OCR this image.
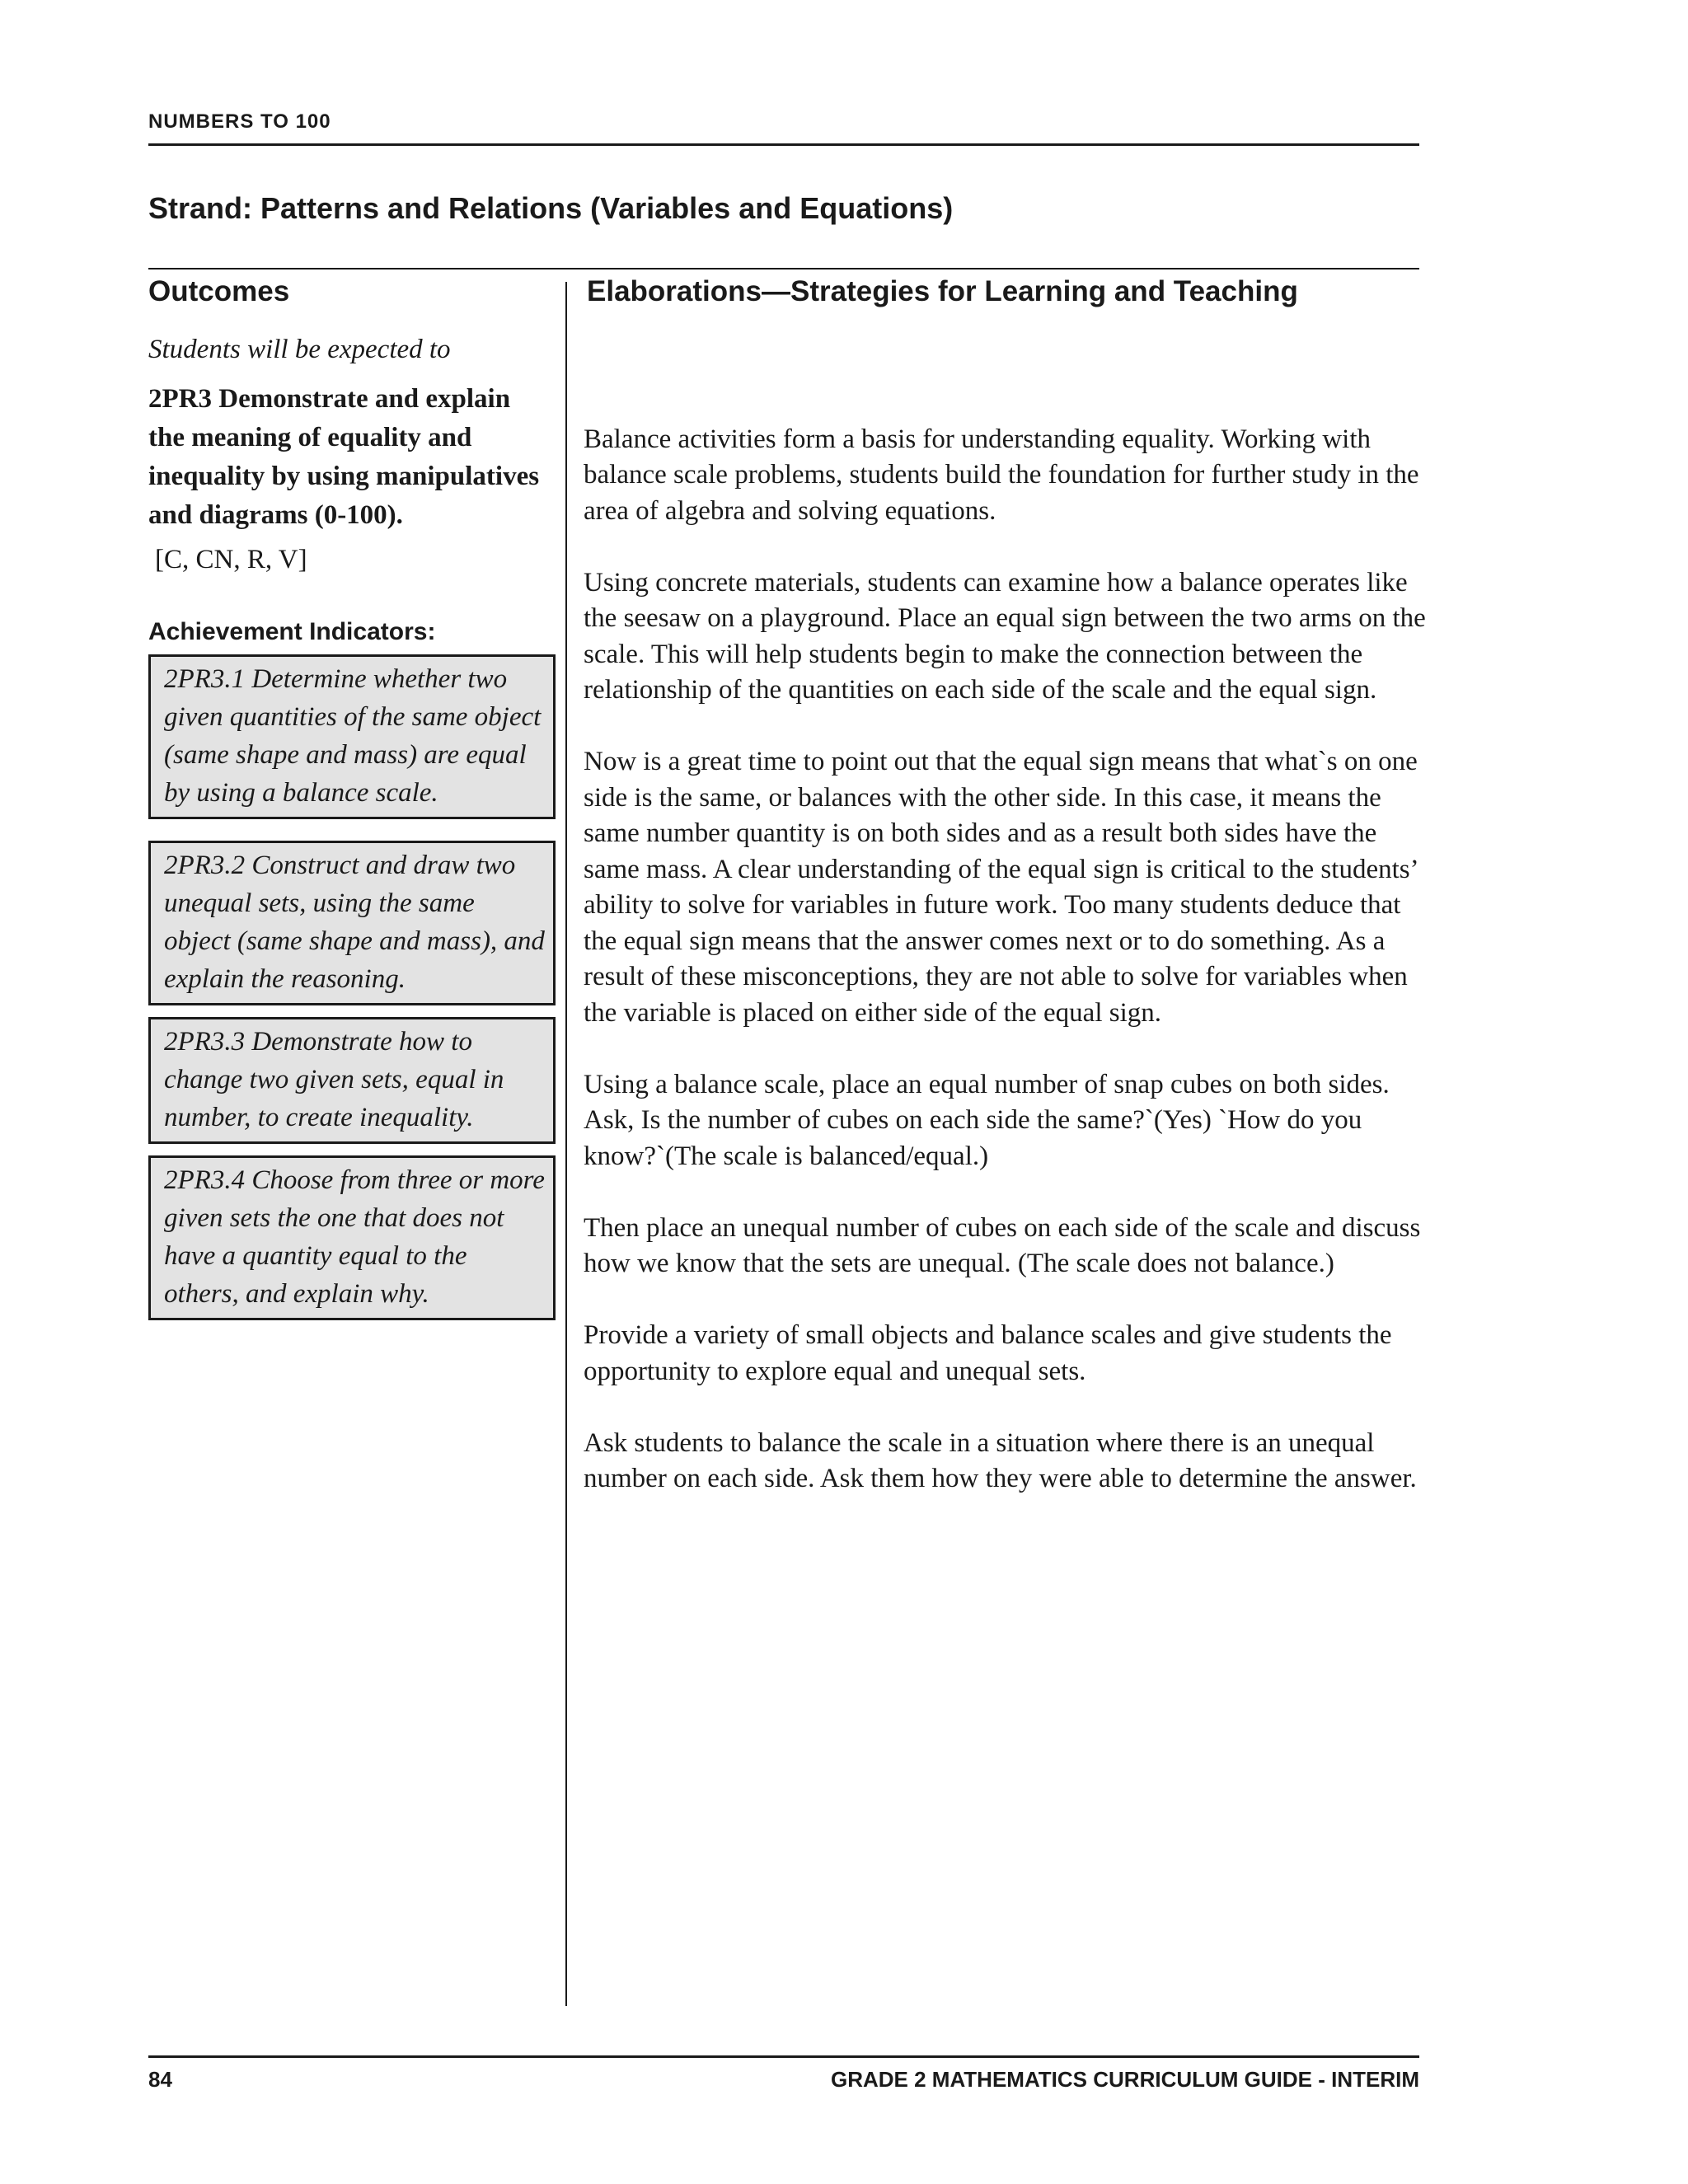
NUMBERS TO 100
Strand: Patterns and Relations (Variables and Equations)
Outcomes
Students will be expected to
2PR3 Demonstrate and explain the meaning of equality and inequality by using manipulatives and diagrams (0-100).
[C, CN, R, V]
Achievement Indicators:
2PR3.1 Determine whether two given quantities of the same object (same shape and mass) are equal by using a balance scale.
2PR3.2 Construct and draw two unequal sets, using the same object (same shape and mass), and explain the reasoning.
2PR3.3 Demonstrate how to change two given sets, equal in number, to create inequality.
2PR3.4 Choose from three or more given sets the one that does not have a quantity equal to the others, and explain why.
Elaborations—Strategies for Learning and Teaching

Balance activities form a basis for understanding equality. Working with balance scale problems, students build the foundation for further study in the area of algebra and solving equations.

Using concrete materials, students can examine how a balance operates like the seesaw on a playground. Place an equal sign between the two arms on the scale. This will help students begin to make the connection between the relationship of the quantities on each side of the scale and the equal sign.

Now is a great time to point out that the equal sign means that what`s on one side is the same, or balances with the other side. In this case, it means the same number quantity is on both sides and as a result both sides have the same mass. A clear understanding of the equal sign is critical to the students’ ability to solve for variables in future work. Too many students deduce that the equal sign means that the answer comes next or to do something. As a result of these misconceptions, they are not able to solve for variables when the variable is placed on either side of the equal sign.

Using a balance scale, place an equal number of snap cubes on both sides. Ask, Is the number of cubes on each side the same?`(Yes) `How do you know?`(The scale is balanced/equal.)

Then place an unequal number of cubes on each side of the scale and discuss how we know that the sets are unequal. (The scale does not balance.)

Provide a variety of small objects and balance scales and give students the opportunity to explore equal and unequal sets.

Ask students to balance the scale in a situation where there is an unequal number on each side. Ask them how they were able to determine the answer.

84	GRADE 2 MATHEMATICS CURRICULUM GUIDE - INTERIM
